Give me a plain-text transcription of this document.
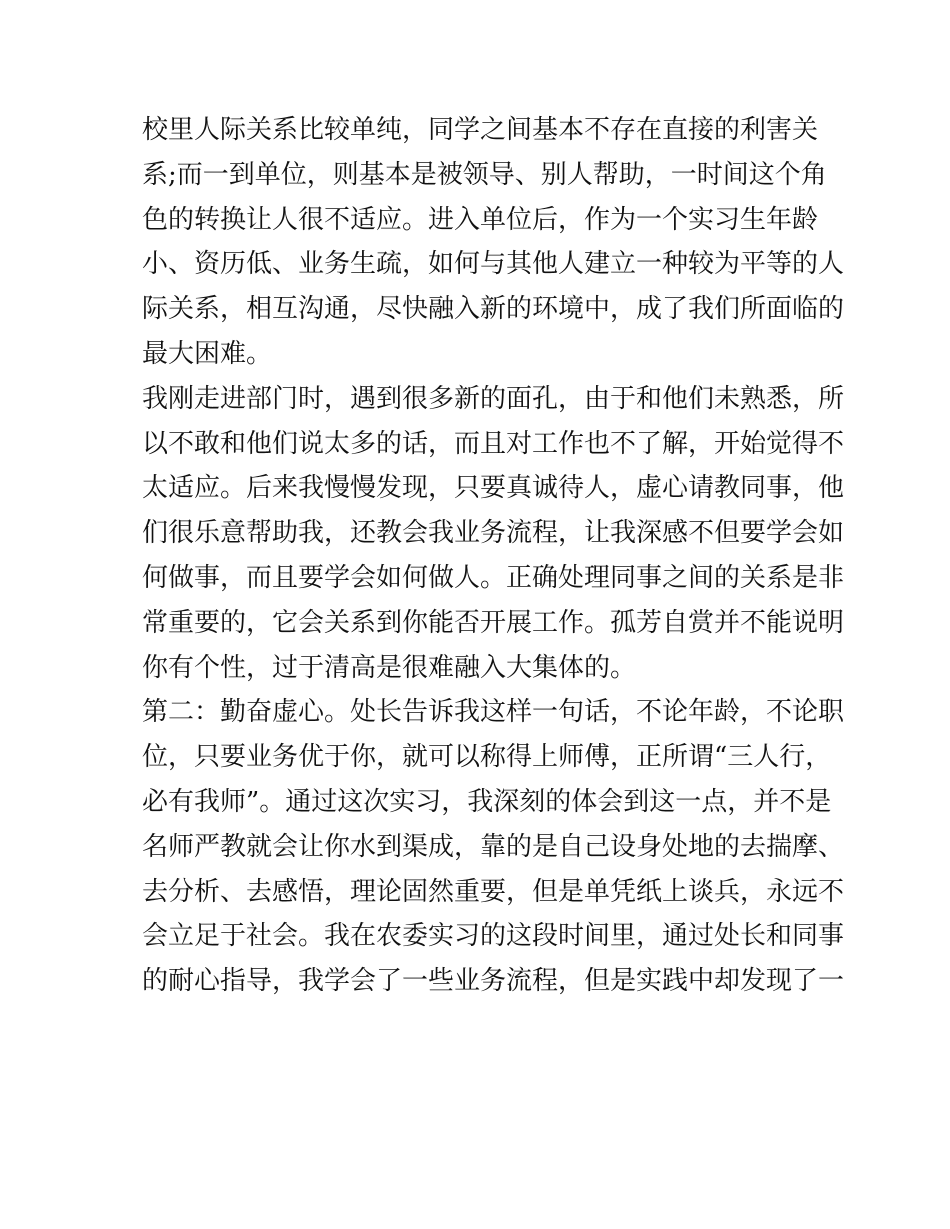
校里人际关系比较单纯，同学之间基本不存在直接的利害关
系;而一到单位，则基本是被领导、别人帮助，一时间这个角
色的转换让人很不适应。进入单位后，作为一个实习生年龄
小、资历低、业务生疏，如何与其他人建立一种较为平等的人
际关系，相互沟通，尽快融入新的环境中，成了我们所面临的
最大困难。
我刚走进部门时，遇到很多新的面孔，由于和他们未熟悉，所
以不敢和他们说太多的话，而且对工作也不了解，开始觉得不
太适应。后来我慢慢发现，只要真诚待人，虚心请教同事，他
们很乐意帮助我，还教会我业务流程，让我深感不但要学会如
何做事，而且要学会如何做人。正确处理同事之间的关系是非
常重要的，它会关系到你能否开展工作。孤芳自赏并不能说明
你有个性，过于清高是很难融入大集体的。
第二：勤奋虚心。处长告诉我这样一句话，不论年龄，不论职
位，只要业务优于你，就可以称得上师傅，正所谓“三人行，
必有我师”。通过这次实习，我深刻的体会到这一点，并不是
名师严教就会让你水到渠成，靠的是自己设身处地的去揣摩、
去分析、去感悟，理论固然重要，但是单凭纸上谈兵，永远不
会立足于社会。我在农委实习的这段时间里，通过处长和同事
的耐心指导，我学会了一些业务流程，但是实践中却发现了一
